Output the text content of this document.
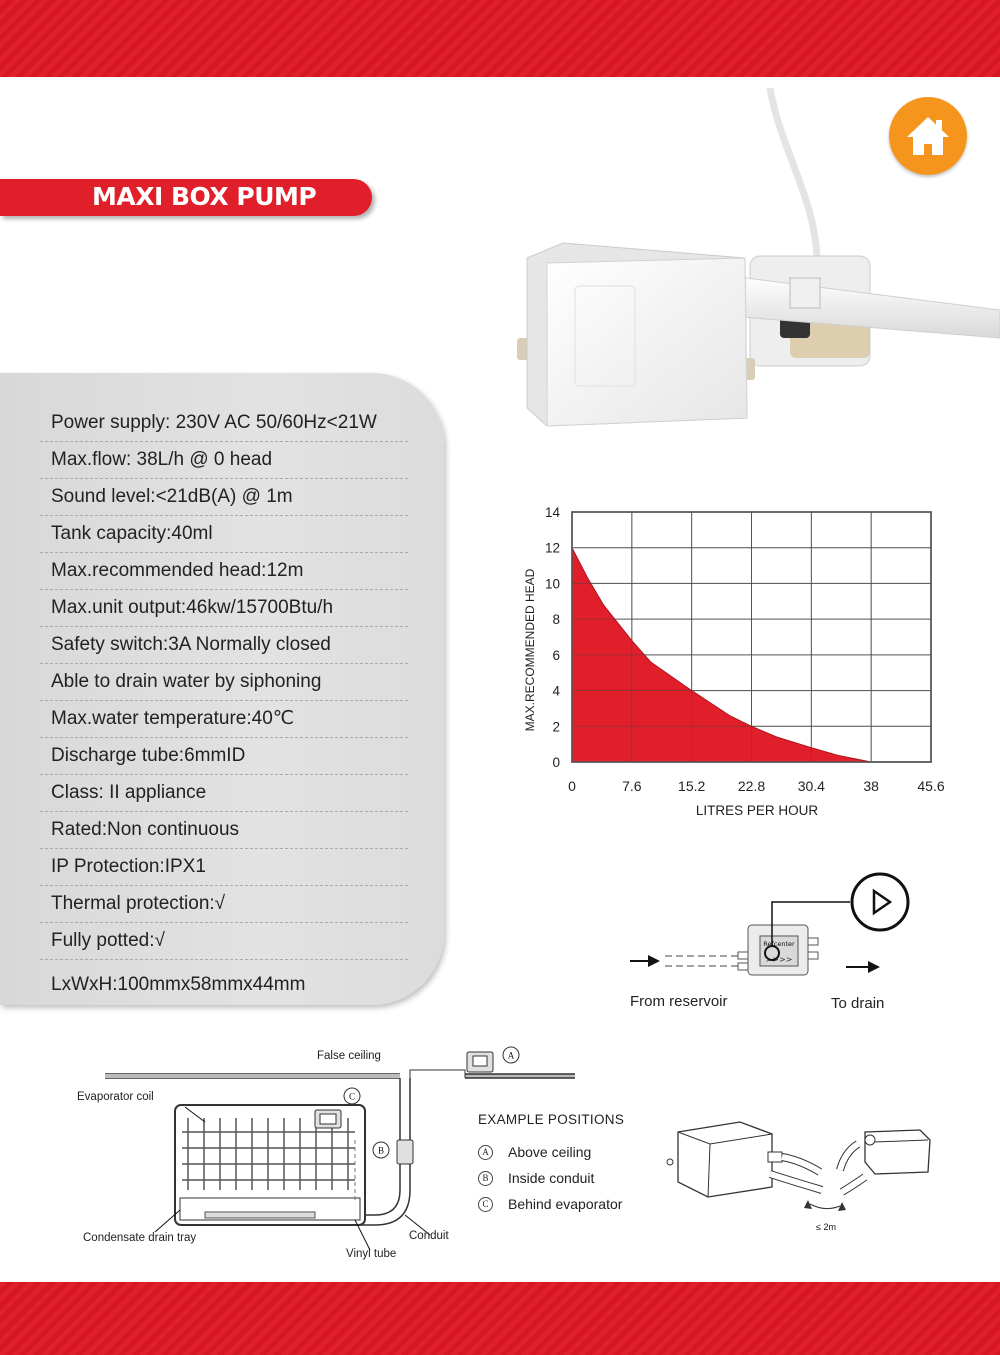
MAXI BOX PUMP
Power supply: 230V AC 50/60Hz<21W
Max.flow: 38L/h @ 0 head
Sound level:<21dB(A) @ 1m
Tank capacity:40ml
Max.recommended head:12m
Max.unit output:46kw/15700Btu/h
Safety switch:3A Normally closed
Able to drain water by siphoning
Max.water temperature:40℃
Discharge tube:6mmID
Class: II appliance
Rated:Non continuous
IP Protection:IPX1
Thermal protection:√
Fully potted:√
LxWxH:100mmx58mmx44mm
0
2
4
6
8
10
12
14
0	7.6	15.2 22.8 30.4	38	45.6
LITRES PER HOUR
MAX.RECOMMENDED HEAD
Refcenter
>>>>
From reservoir	To drain
A
C
B
False ceiling
Evaporator coil
Condensate drain tray
Vinyl tube
Conduit
EXAMPLE POSITIONS
A	Above ceiling
B	Inside conduit
C	Behind evaporator
≤ 2m
